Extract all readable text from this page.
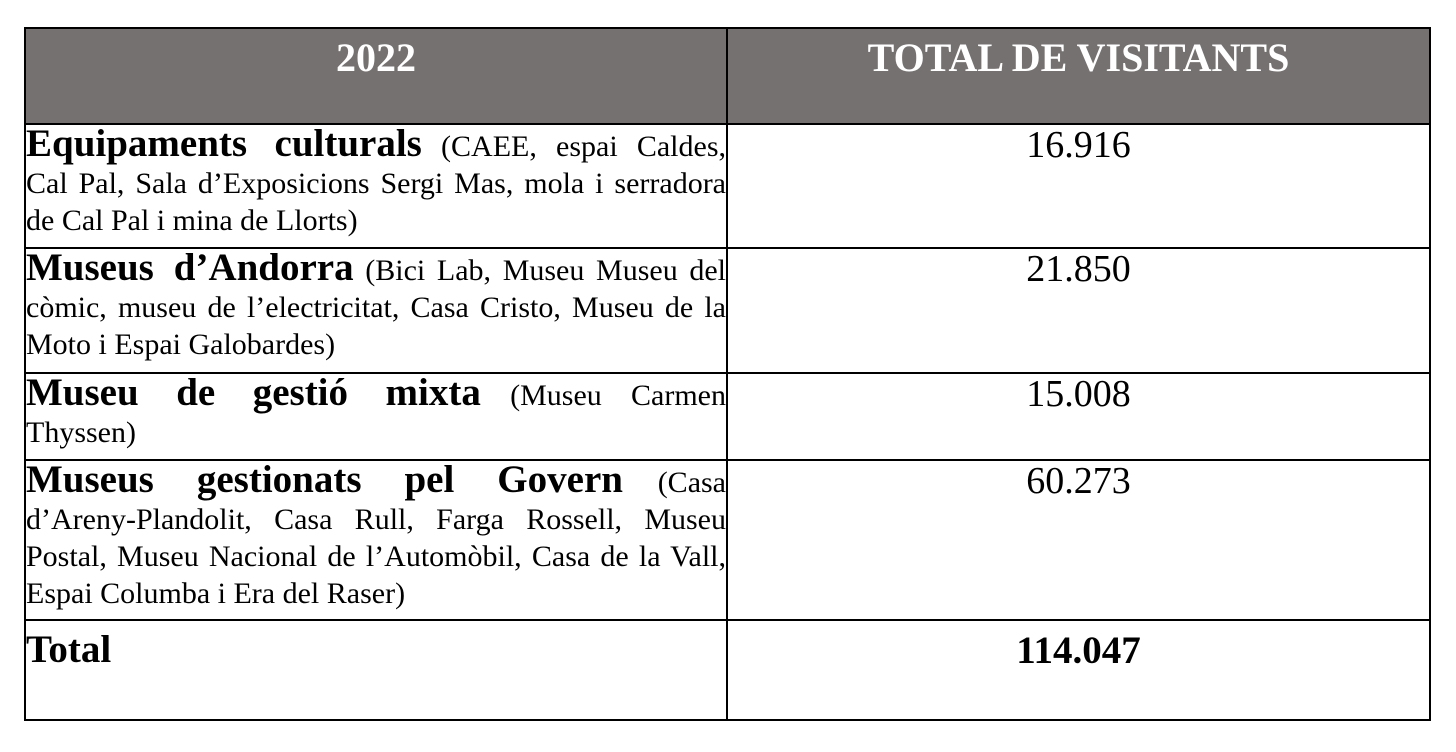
2022	TOTAL DE VISITANTS
Equipaments culturals (CAEE, espai Caldes, Cal Pal, Sala d’Exposicions Sergi Mas, mola i serradora de Cal Pal i mina de Llorts)	16.916
Museus d’Andorra (Bici Lab, Museu Museu del còmic, museu de l’electricitat, Casa Cristo, Museu de la Moto i Espai Galobardes)	21.850
Museu de gestió mixta (Museu Carmen Thyssen)	15.008
Museus gestionats pel Govern (Casa d’Areny-Plandolit, Casa Rull, Farga Rossell, Museu Postal, Museu Nacional de l’Automòbil, Casa de la Vall, Espai Columba i Era del Raser)	60.273
Total	114.047
